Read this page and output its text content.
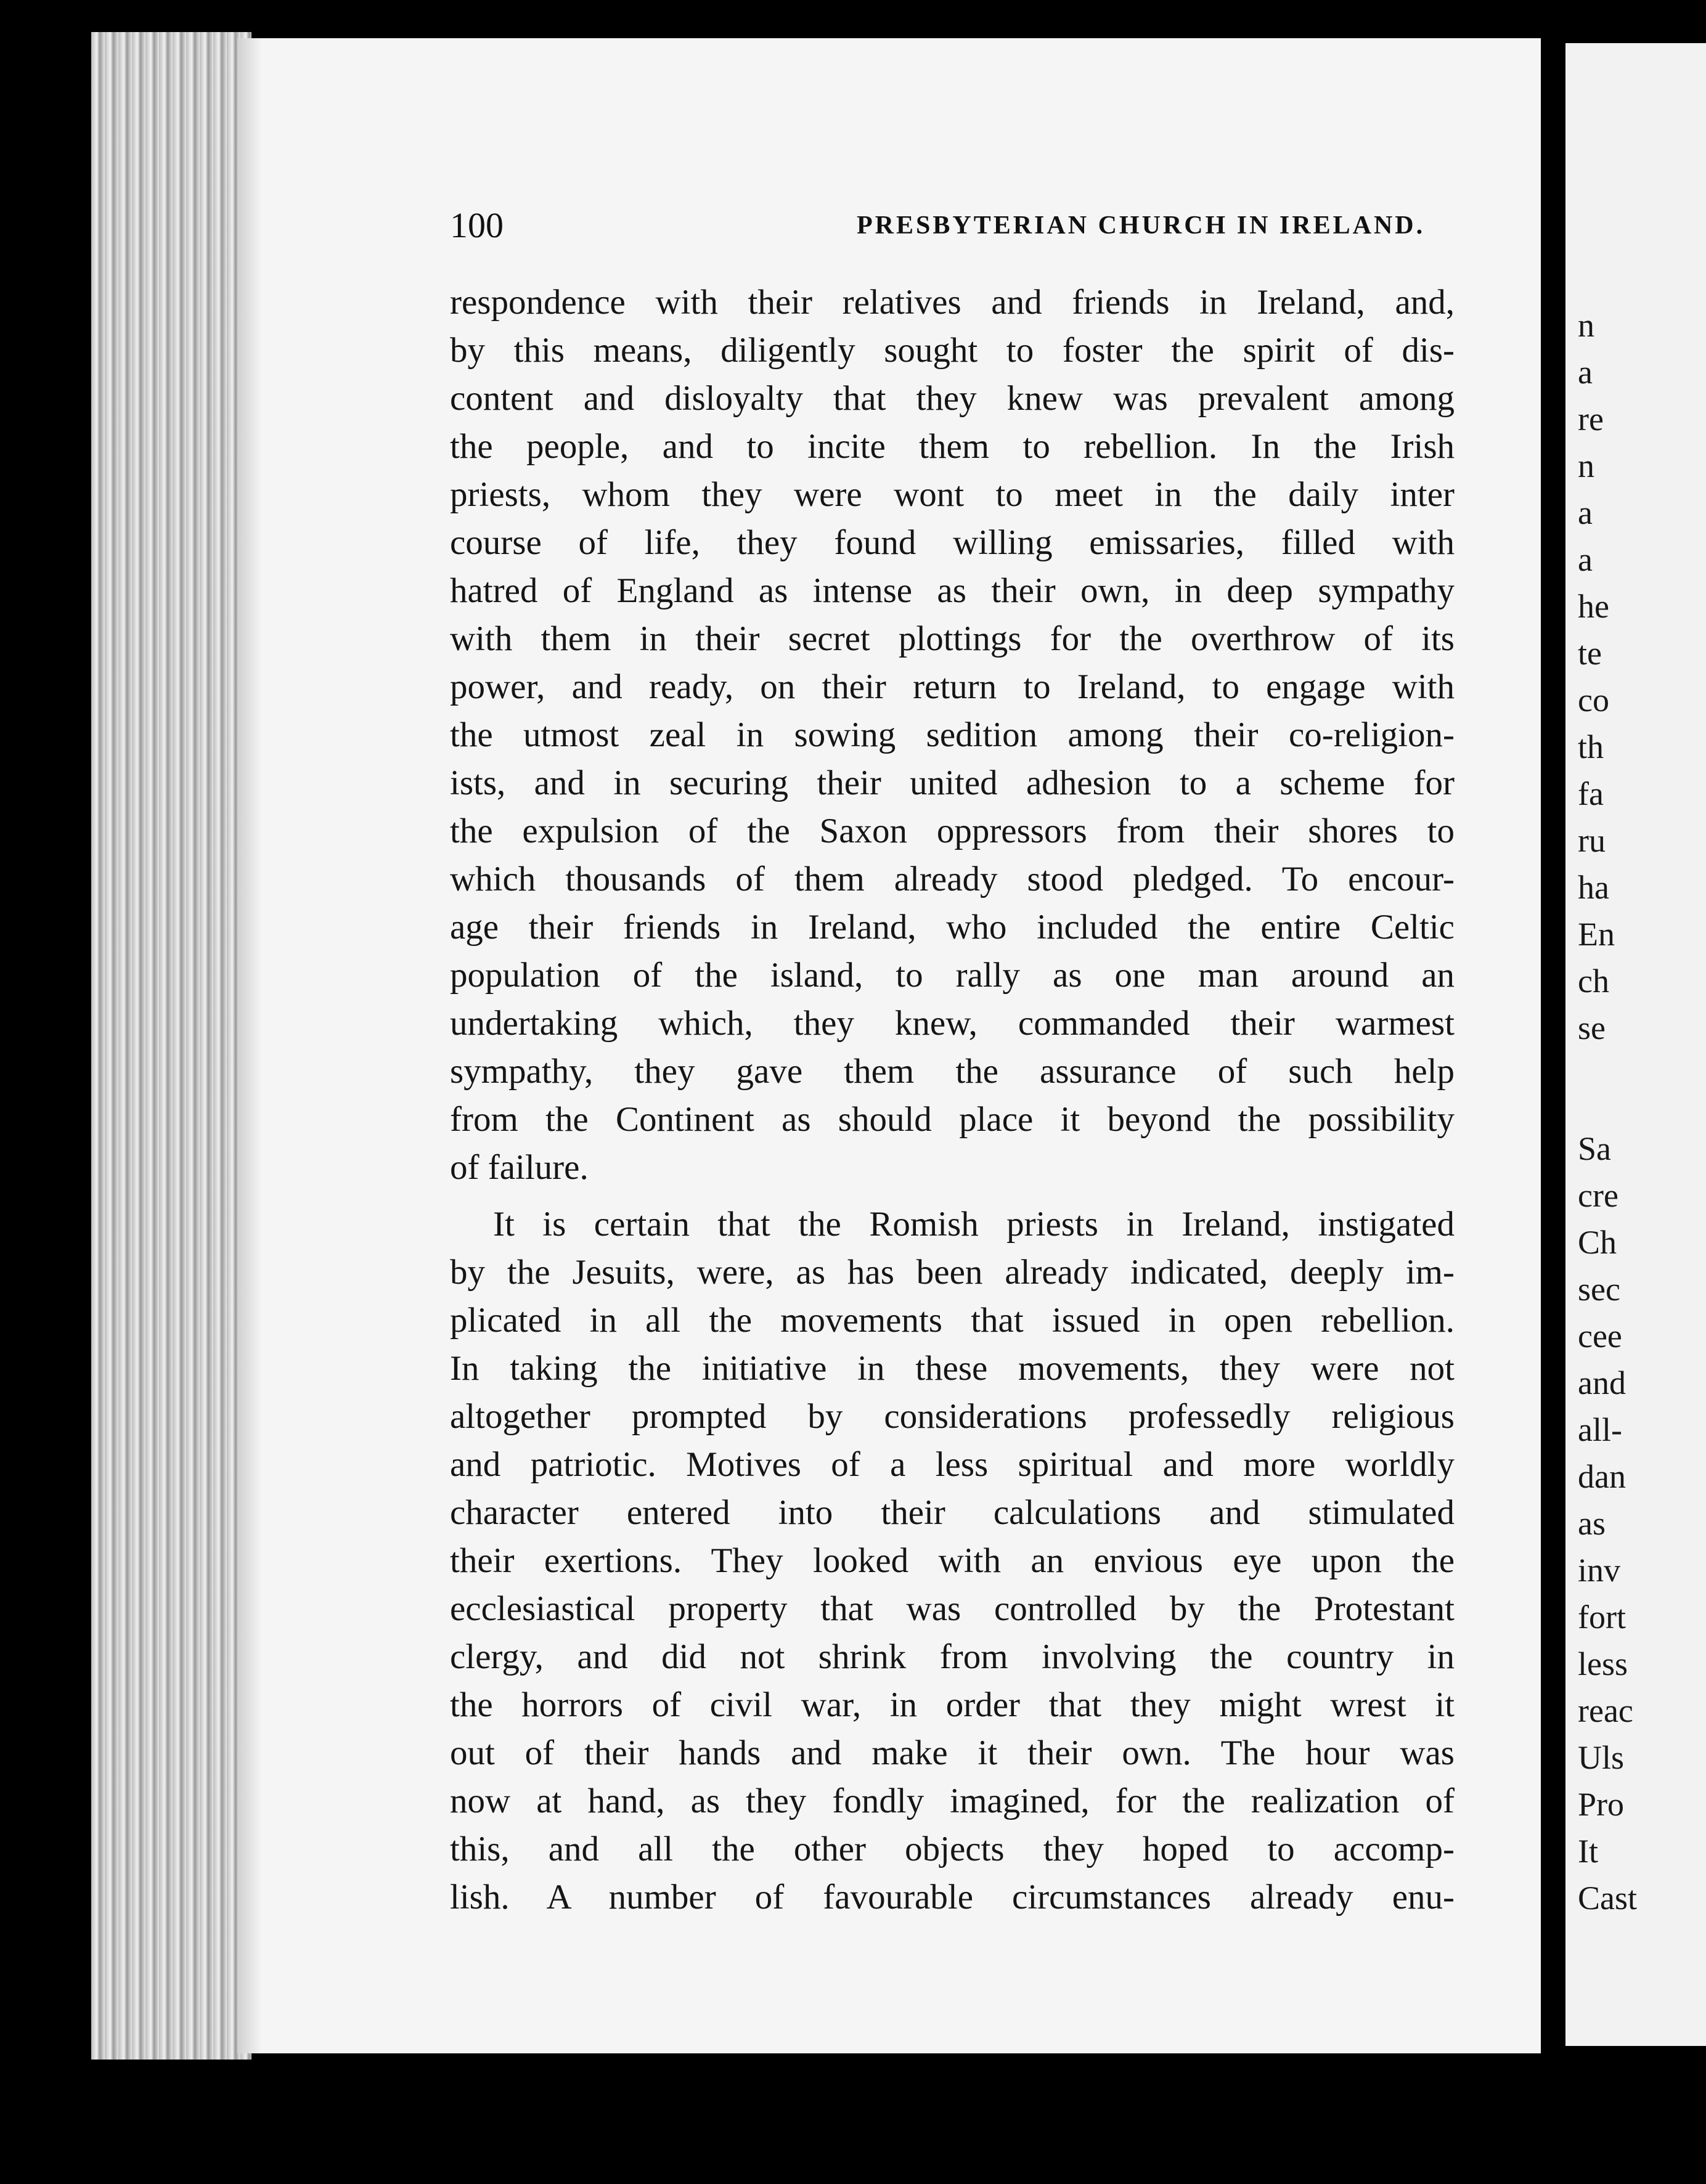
100	PRESBYTERIAN CHURCH IN IRELAND.
respondence with their relatives and friends in Ireland, and,
by this means, diligently sought to foster the spirit of dis-
content and disloyalty that they knew was prevalent among
the people, and to incite them to rebellion. In the Irish
priests, whom they were wont to meet in the daily inter
course of life, they found willing emissaries, filled with
hatred of England as intense as their own, in deep sympathy
with them in their secret plottings for the overthrow of its
power, and ready, on their return to Ireland, to engage with
the utmost zeal in sowing sedition among their co-religion-
ists, and in securing their united adhesion to a scheme for
the expulsion of the Saxon oppressors from their shores to
which thousands of them already stood pledged. To encour-
age their friends in Ireland, who included the entire Celtic
population of the island, to rally as one man around an
undertaking which, they knew, commanded their warmest
sympathy, they gave them the assurance of such help
from the Continent as should place it beyond the possibility
of failure.
It is certain that the Romish priests in Ireland, instigated
by the Jesuits, were, as has been already indicated, deeply im-
plicated in all the movements that issued in open rebellion.
In taking the initiative in these movements, they were not
altogether prompted by considerations professedly religious
and patriotic. Motives of a less spiritual and more worldly
character entered into their calculations and stimulated
their exertions. They looked with an envious eye upon the
ecclesiastical property that was controlled by the Protestant
clergy, and did not shrink from involving the country in
the horrors of civil war, in order that they might wrest it
out of their hands and make it their own. The hour was
now at hand, as they fondly imagined, for the realization of
this, and all the other objects they hoped to accomp-
lish. A number of favourable circumstances already enu-
n
a
re
n
a
a
he
te
co
th
fa
ru
ha
En
ch
se
Sa
cre
Ch
sec
cee
and
all-
dan
as
inv
fort
less
reac
Uls
Pro
It
Cast
